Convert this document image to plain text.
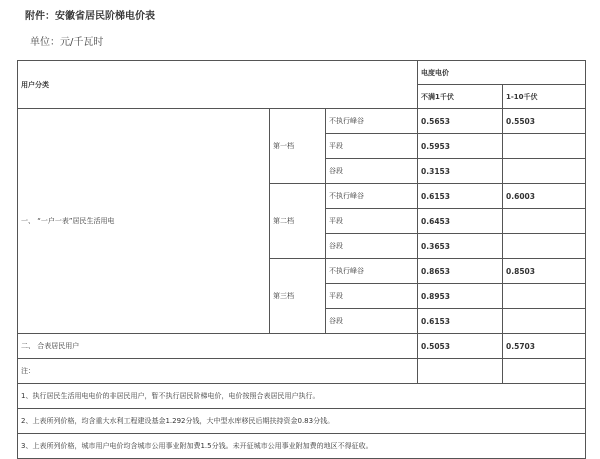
附件：安徽省居民阶梯电价表
单位：元/千瓦时
用户分类			电度电价	
			不满1千伏	1-10千伏
一、 “一户一表”居民生活用电	第一档	不执行峰谷	0.5653	0.5503
		平段	0.5953	
		谷段	0.3153	
	第二档	不执行峰谷	0.6153	0.6003
		平段	0.6453	
		谷段	0.3653	
	第三档	不执行峰谷	0.8653	0.8503
		平段	0.8953	
		谷段	0.6153	
二、 合表居民用户			0.5053	0.5703
注：				
1、执行居民生活用电电价的非居民用户，暂不执行居民阶梯电价，电价按照合表居民用户执行。				
2、上表所列价格，均含重大水利工程建设基金1.292分钱，大中型水库移民后期扶持资金0.83分钱。				
3、上表所列价格，城市用户电价均含城市公用事业附加费1.5分钱。未开征城市公用事业附加费的地区不得征收。				
